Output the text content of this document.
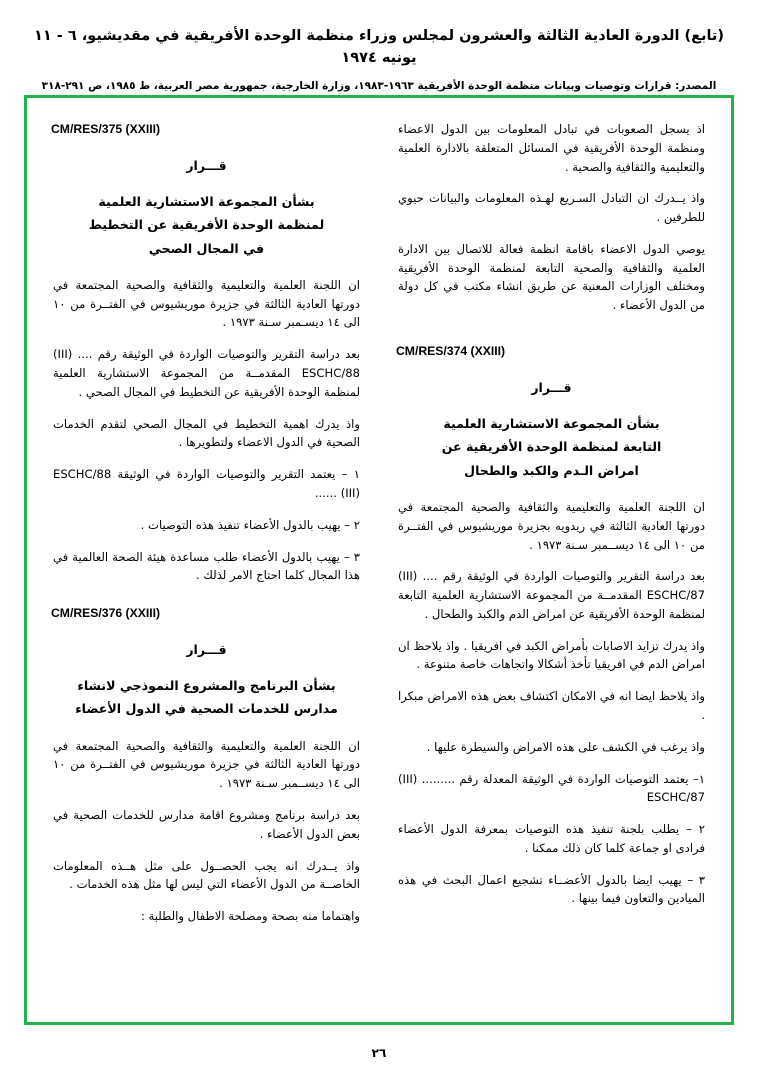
(تابع) الدورة العادية الثالثة والعشرون لمجلس وزراء منظمة الوحدة الأفريقية في مقديشيو، ٦ - ١١ يونيه ١٩٧٤
المصدر: قرارات وتوصيات وبيانات منظمة الوحدة الأفريقية ١٩٦٣-١٩٨٣، وزارة الخارجية، جمهورية مصر العربية، ط ١٩٨٥، ص ٢٩١-٣١٨
اذ يسجل الصعوبات في تبادل المعلومات بين الدول الاعضاء ومنظمة الوحدة الأفريقية في المسائل المتعلقة بالادارة العلمية والتعليمية والثقافية والصحية .
واذ يــدرك ان التبادل السـريع لهـذه المعلومات والبيانات حيوي للطرفين .
يوصي الدول الاعضاء باقامة انظمة فعالة للاتصال بين الادارة العلمية والثقافية والصحية التابعة لمنظمة الوحدة الأفريقية ومختلف الوزارات المعنية عن طريق انشاء مكتب في كل دولة من الدول الأعضاء .
CM/RES/374 (XXIII)
قـــرار
بشأن المجموعة الاستشارية العلمية
التابعة لمنظمة الوحدة الأفريقية عن
امراض الـدم والكبد والطحال
ان اللجنة العلمية والتعليمية والثقافية والصحية المجتمعة في دورتها العادية الثالثة في ريدويه بجزيرة موريشيوس في الفتــرة من ١٠ الى ١٤ ديســمبر سـنة ١٩٧٣ .
بعد دراسة التقرير والتوصيات الواردة في الوثيقة رقم .... (III) ESCHC/87 المقدمــة من المجموعة الاستشارية العلمية التابعة لمنظمة الوحدة الأفريقية عن امراض الدم والكبد والطحال .
واذ يدرك تزايد الاصابات بأمراض الكبد في افريقيا . واذ يلاحظ ان امراض الدم في افريقيا تأخذ أشكالا واتجاهات خاصة متنوعة .
واذ يلاحظ ايضا انه في الامكان اكتشاف بعض هذه الامراض مبكرا .
واذ يرغب في الكشف على هذه الامراض والسيطرة عليها .
١– يعتمد التوصيات الواردة في الوثيقة المعدلة رقم ......... (III) ESCHC/87
٢ – يطلب بلجنة تنفيذ هذه التوصيات بمعرفة الدول الأعضاء فرادى او جماعة كلما كان ذلك ممكنا .
٣ – يهيب ايضا بالدول الأعضــاء تشجيع اعمال البحث في هذه الميادين والتعاون فيما بينها .
CM/RES/375 (XXIII)
قـــرار
بشأن المجموعة الاستشارية العلمية
لمنظمة الوحدة الأفريقية عن التخطيط
في المجال الصحي
ان اللجنة العلمية والتعليمية والثقافية والصحية المجتمعة في دورتها العادية الثالثة في جزيرة موريشيوس في الفتــرة من ١٠ الى ١٤ ديسـمبر سـنة ١٩٧٣ .
بعد دراسة التقرير والتوصيات الواردة في الوثيقة رقم .... (III) ESCHC/88 المقدمــة من المجموعة الاستشارية العلمية لمنظمة الوحدة الأفريقية عن التخطيط في المجال الصحي .
واذ يدرك اهمية التخطيط في المجال الصحي لتقدم الخدمات الصحية في الدول الاعضاء ولتطويرها .
١ – يعتمد التقرير والتوصيات الواردة في الوثيقة ESCHC/88 (III) ......
٢ – يهيب بالدول الأعضاء تنفيذ هذه التوصيات .
٣ – يهيب بالدول الأعضاء طلب مساعدة هيئة الصحة العالمية في هذا المجال كلما احتاج الامر لذلك .
CM/RES/376 (XXIII)
قـــرار
بشأن البرنامج والمشروع النموذجي لانشاء
مدارس للخدمات الصحية في الدول الأعضاء
ان اللجنة العلمية والتعليمية والثقافية والصحية المجتمعة في دورتها العادية الثالثة في جزيرة موريشيوس في الفتــرة من ١٠ الى ١٤ ديســمبر سـنة ١٩٧٣ .
بعد دراسة برنامج ومشروع اقامة مدارس للخدمات الصحية في بعض الدول الأعضاء .
واذ يــدرك انه يجب الحصــول على مثل هــذه المعلومات الخاصــة من الدول الأعضاء التي ليس لها مثل هذه الخدمات .
واهتماما منه بصحة ومصلحة الاطفال والطلبة :
٢٦
